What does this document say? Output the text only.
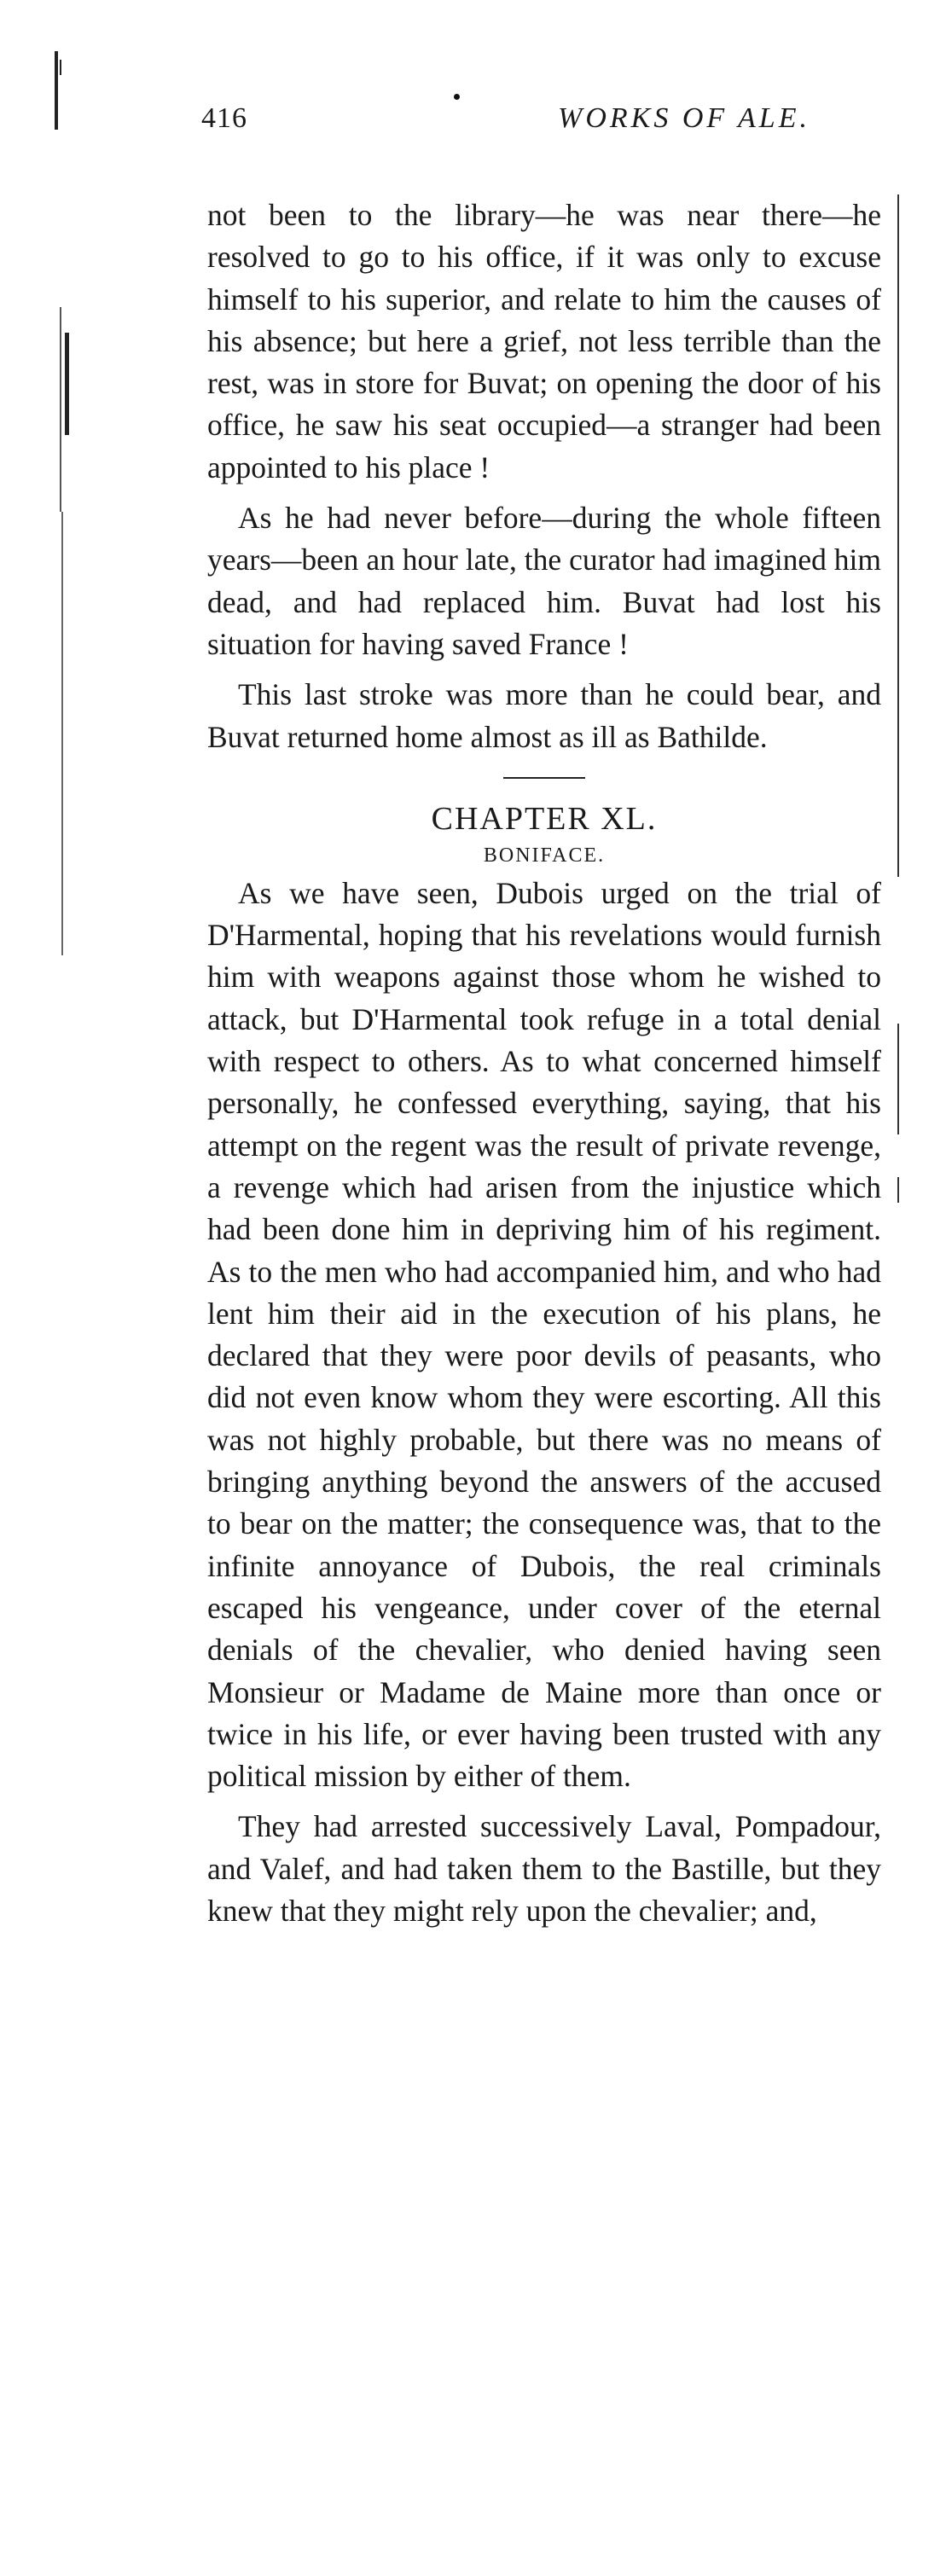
416	WORKS OF ALE.

not been to the library—he was near there—he resolved to go to his office, if it was only to excuse himself to his superior, and relate to him the causes of his absence; but here a grief, not less terrible than the rest, was in store for Buvat; on opening the door of his office, he saw his seat occupied—a stranger had been appointed to his place !

As he had never before—during the whole fifteen years—been an hour late, the curator had imagined him dead, and had replaced him. Buvat had lost his situation for having saved France !

This last stroke was more than he could bear, and Buvat returned home almost as ill as Bathilde.

CHAPTER XL.

BONIFACE.

As we have seen, Dubois urged on the trial of D'Harmental, hoping that his revelations would furnish him with weapons against those whom he wished to attack, but D'Harmental took refuge in a total denial with respect to others. As to what concerned himself personally, he confessed everything, saying, that his attempt on the regent was the result of private revenge, a revenge which had arisen from the injustice which had been done him in depriving him of his regiment. As to the men who had accompanied him, and who had lent him their aid in the execution of his plans, he declared that they were poor devils of peasants, who did not even know whom they were escorting. All this was not highly probable, but there was no means of bringing anything beyond the answers of the accused to bear on the matter; the consequence was, that to the infinite annoyance of Dubois, the real criminals escaped his vengeance, under cover of the eternal denials of the chevalier, who denied having seen Monsieur or Madame de Maine more than once or twice in his life, or ever having been trusted with any political mission by either of them.

They had arrested successively Laval, Pompadour, and Valef, and had taken them to the Bastille, but they knew that they might rely upon the chevalier; and,
